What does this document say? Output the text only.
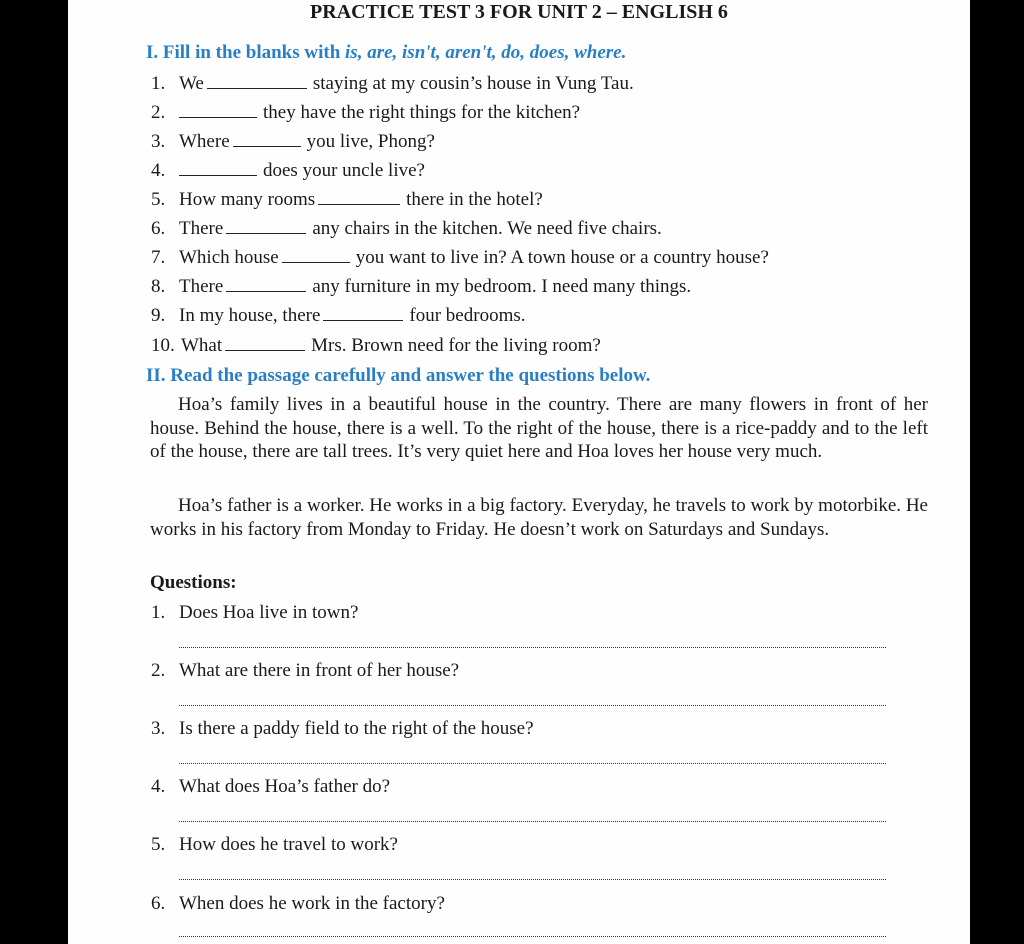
PRACTICE TEST 3 FOR UNIT 2 – ENGLISH 6
I. Fill in the blanks with is, are, isn't, aren't, do, does, where.
1. We	staying at my cousin’s house in Vung Tau.
2.	they have the right things for the kitchen?
3. Where	you live, Phong?
4.	does your uncle live?
5. How many rooms	there in the hotel?
6. There	any chairs in the kitchen. We need five chairs.
7. Which house	you want to live in? A town house or a country house?
8. There	any furniture in my bedroom. I need many things.
9. In my house, there	four bedrooms.
10. What	Mrs. Brown need for the living room?
II. Read the passage carefully and answer the questions below.
Hoa’s family lives in a beautiful house in the country. There are many flowers in front of her house. Behind the house, there is a well. To the right of the house, there is a rice-paddy and to the left of the house, there are tall trees. It’s very quiet here and Hoa loves her house very much.
Hoa’s father is a worker. He works in a big factory. Everyday, he travels to work by motorbike. He works in his factory from Monday to Friday. He doesn’t work on Saturdays and Sundays.
Questions:
1. Does Hoa live in town?
2. What are there in front of her house?
3. Is there a paddy field to the right of the house?
4. What does Hoa’s father do?
5. How does he travel to work?
6. When does he work in the factory?
